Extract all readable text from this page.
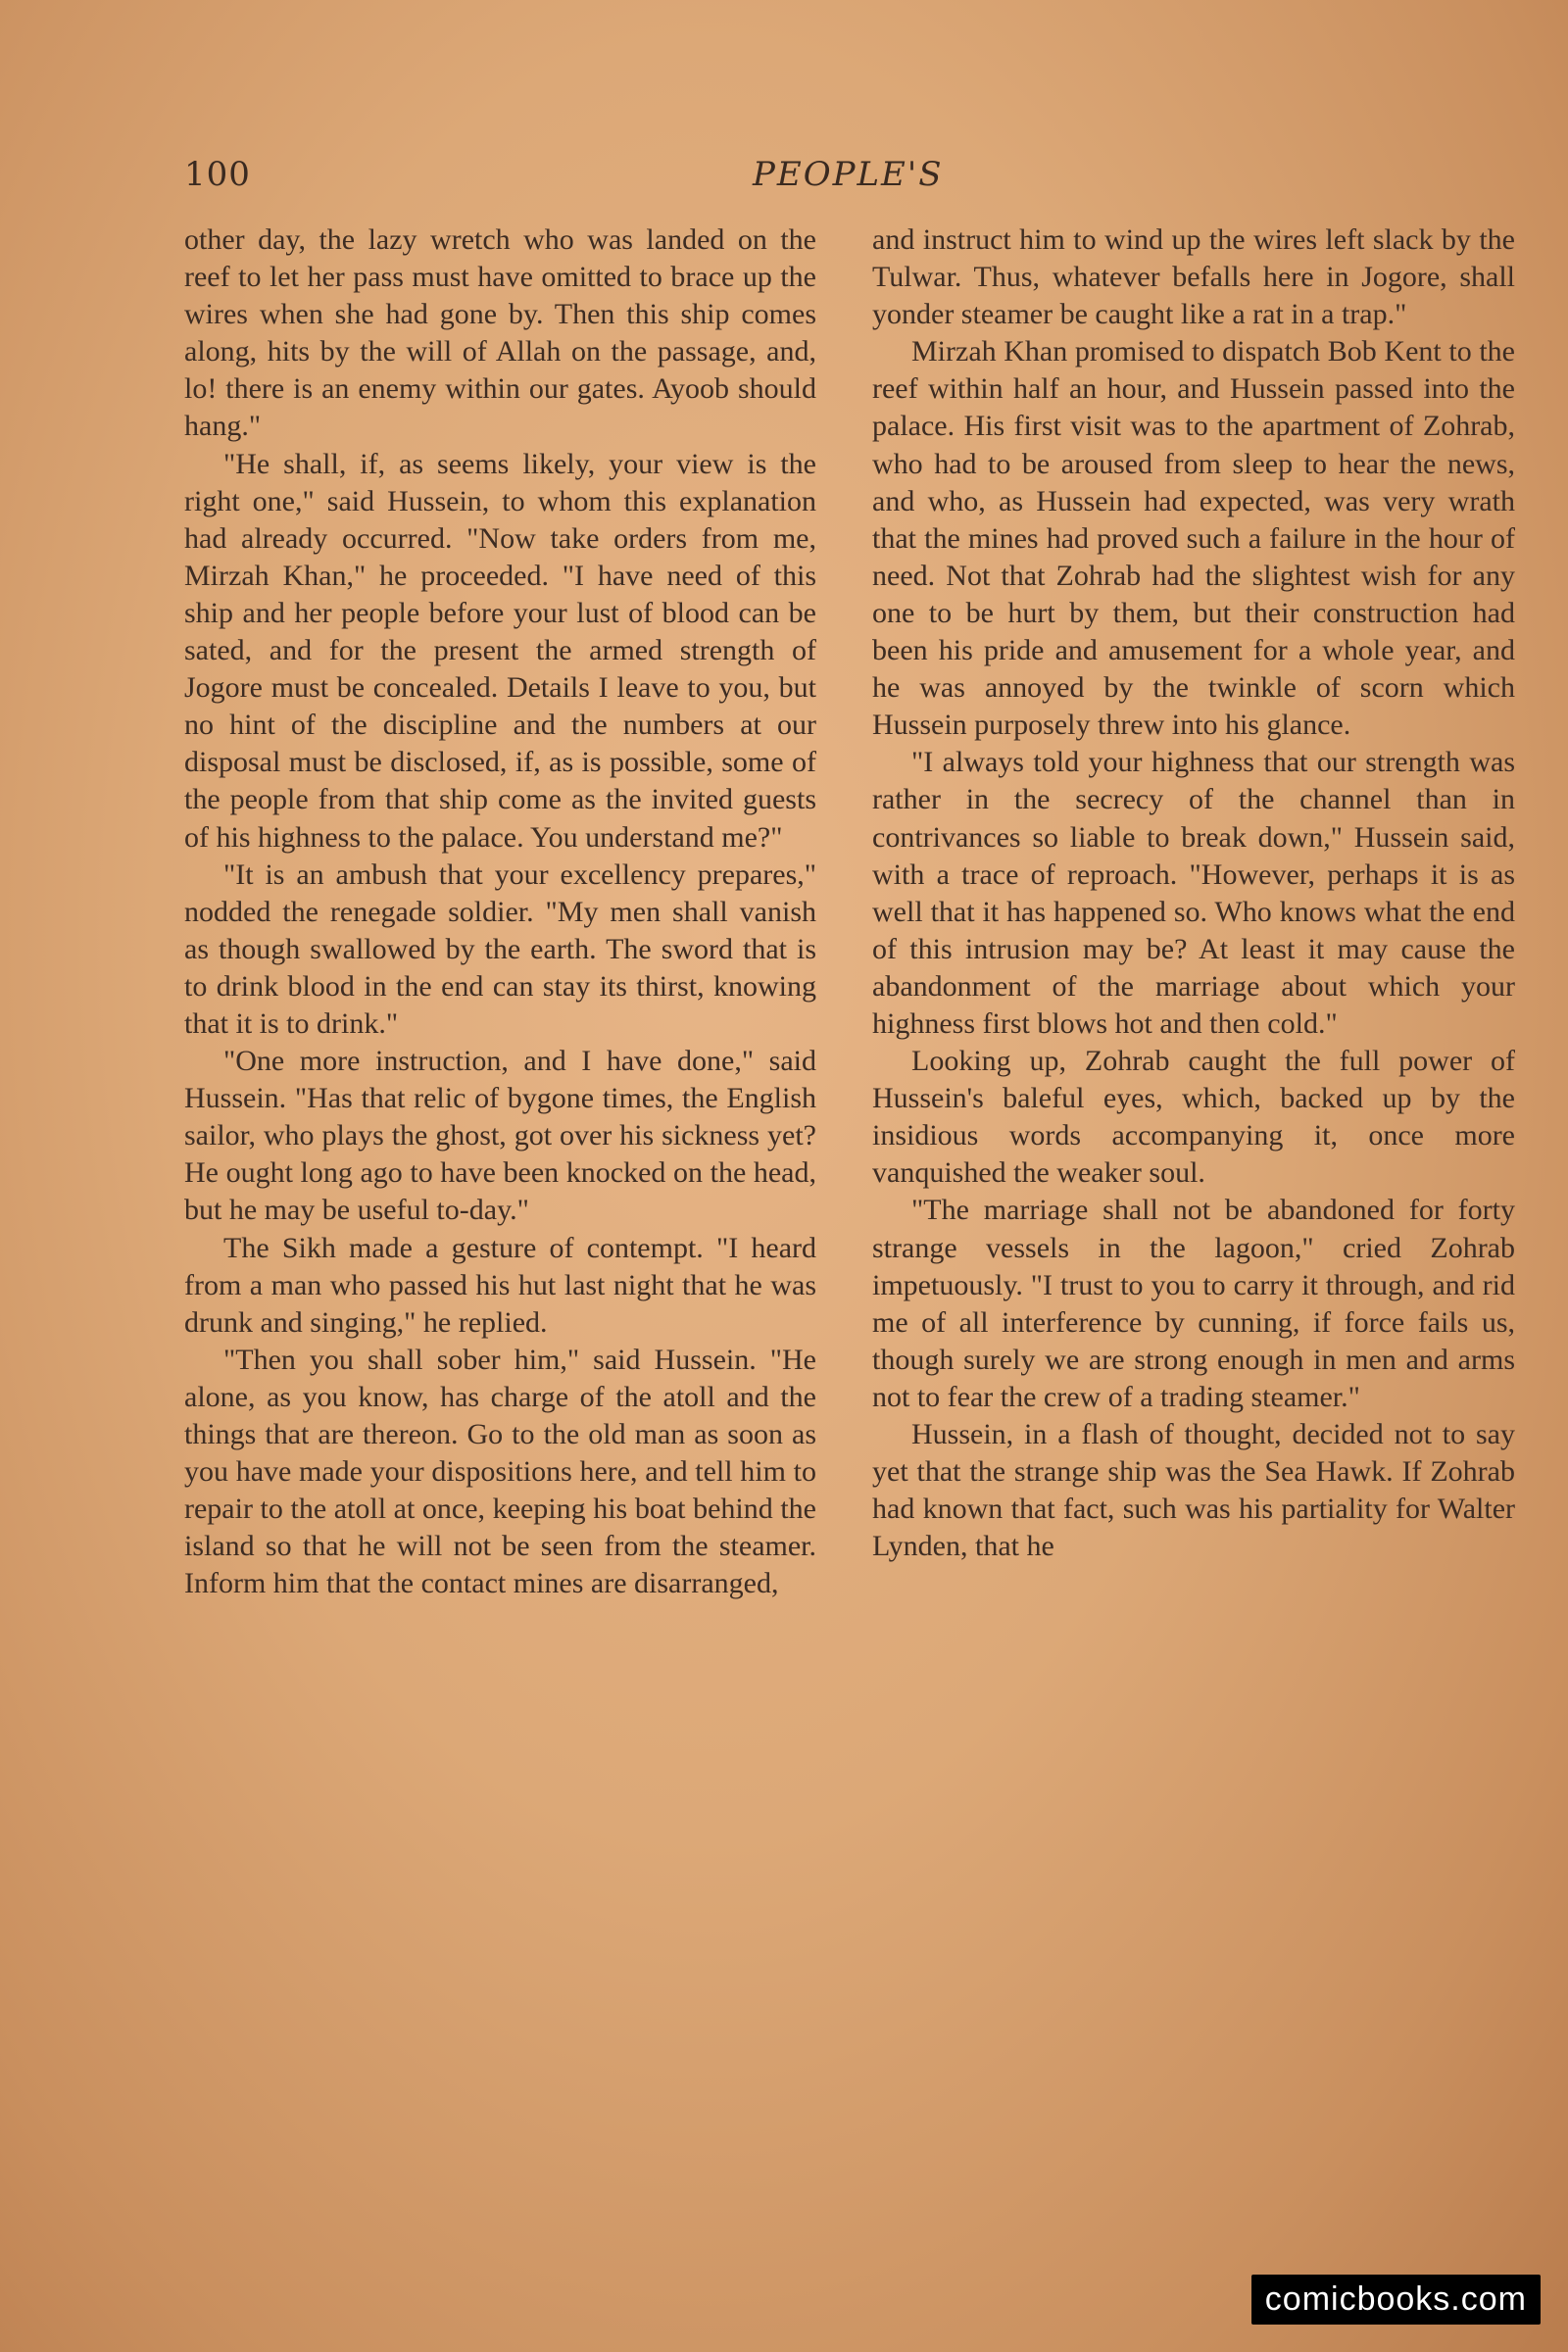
100	PEOPLE'S

other day, the lazy wretch who was landed on the reef to let her pass must have omitted to brace up the wires when she had gone by. Then this ship comes along, hits by the will of Allah on the passage, and, lo! there is an enemy within our gates. Ayoob should hang."

"He shall, if, as seems likely, your view is the right one," said Hussein, to whom this explanation had already occurred. "Now take orders from me, Mirzah Khan," he proceeded. "I have need of this ship and her people before your lust of blood can be sated, and for the present the armed strength of Jogore must be concealed. Details I leave to you, but no hint of the discipline and the numbers at our disposal must be disclosed, if, as is possible, some of the people from that ship come as the invited guests of his highness to the palace. You understand me?"

"It is an ambush that your excellency prepares," nodded the renegade soldier. "My men shall vanish as though swallowed by the earth. The sword that is to drink blood in the end can stay its thirst, knowing that it is to drink."

"One more instruction, and I have done," said Hussein. "Has that relic of bygone times, the English sailor, who plays the ghost, got over his sickness yet? He ought long ago to have been knocked on the head, but he may be useful to-day."

The Sikh made a gesture of contempt. "I heard from a man who passed his hut last night that he was drunk and singing," he replied.

"Then you shall sober him," said Hussein. "He alone, as you know, has charge of the atoll and the things that are thereon. Go to the old man as soon as you have made your dispositions here, and tell him to repair to the atoll at once, keeping his boat behind the island so that he will not be seen from the steamer. Inform him that the contact mines are disarranged,

and instruct him to wind up the wires left slack by the Tulwar. Thus, whatever befalls here in Jogore, shall yonder steamer be caught like a rat in a trap."

Mirzah Khan promised to dispatch Bob Kent to the reef within half an hour, and Hussein passed into the palace. His first visit was to the apartment of Zohrab, who had to be aroused from sleep to hear the news, and who, as Hussein had expected, was very wrath that the mines had proved such a failure in the hour of need. Not that Zohrab had the slightest wish for any one to be hurt by them, but their construction had been his pride and amusement for a whole year, and he was annoyed by the twinkle of scorn which Hussein purposely threw into his glance.

"I always told your highness that our strength was rather in the secrecy of the channel than in contrivances so liable to break down," Hussein said, with a trace of reproach. "However, perhaps it is as well that it has happened so. Who knows what the end of this intrusion may be? At least it may cause the abandonment of the marriage about which your highness first blows hot and then cold."

Looking up, Zohrab caught the full power of Hussein's baleful eyes, which, backed up by the insidious words accompanying it, once more vanquished the weaker soul.

"The marriage shall not be abandoned for forty strange vessels in the lagoon," cried Zohrab impetuously. "I trust to you to carry it through, and rid me of all interference by cunning, if force fails us, though surely we are strong enough in men and arms not to fear the crew of a trading steamer."

Hussein, in a flash of thought, decided not to say yet that the strange ship was the Sea Hawk. If Zohrab had known that fact, such was his partiality for Walter Lynden, that he

comicbooks.com
